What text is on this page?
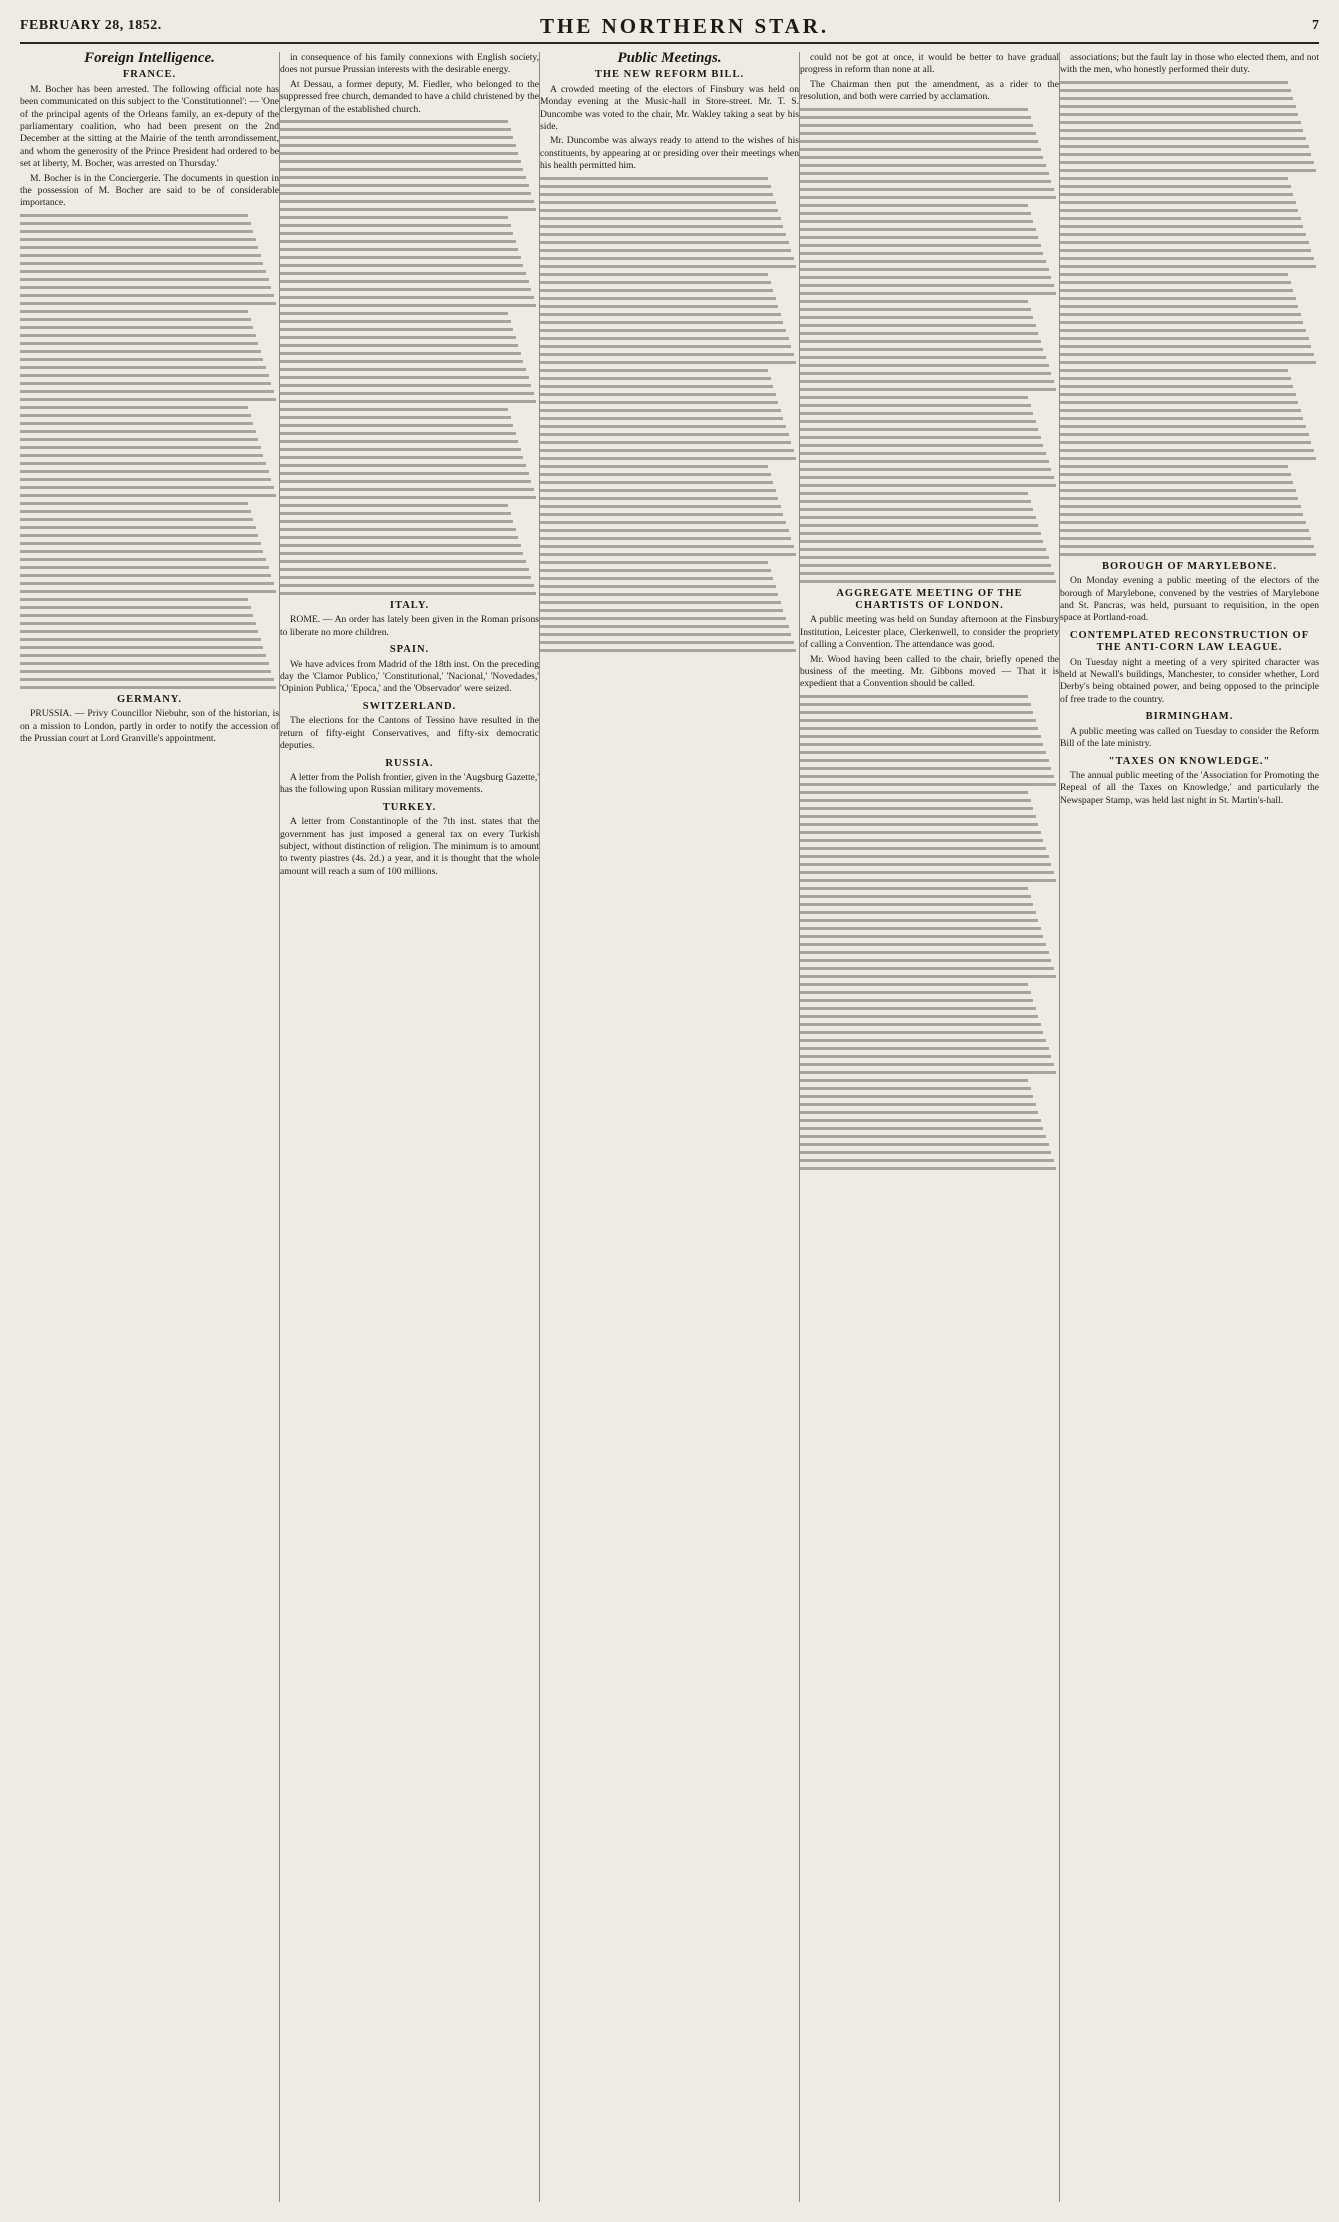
FEBRUARY 28, 1852.	THE NORTHERN STAR.	7
Foreign Intelligence.
FRANCE.

M. Bocher has been arrested. The following official note has been communicated on this subject to the 'Constitutionnel': — 'One of the principal agents of the Orleans family, an ex-deputy of the parliamentary coalition, who had been present on the 2nd December at the sitting at the Mairie of the tenth arrondissement, and whom the generosity of the Prince President had ordered to be set at liberty, M. Bocher, was arrested on Thursday.'

M. Bocher is in the Conciergerie. The documents in question in the possession of M. Bocher are said to be of considerable importance.

GERMANY.

PRUSSIA. — Privy Councillor Niebuhr, son of the historian, is on a mission to London, partly in order to notify the accession of the Prussian court at Lord Granville's appointment.

in consequence of his family connexions with English society, does not pursue Prussian interests with the desirable energy.

At Dessau, a former deputy, M. Fiedler, who belonged to the suppressed free church, demanded to have a child christened by the clergyman of the established church.

ITALY.

ROME. — An order has lately been given in the Roman prisons to liberate no more children.

SPAIN.

We have advices from Madrid of the 18th inst. On the preceding day the 'Clamor Publico,' 'Constitutional,' 'Nacional,' 'Novedades,' 'Opinion Publica,' 'Epoca,' and the 'Observador' were seized.

SWITZERLAND.

The elections for the Cantons of Tessino have resulted in the return of fifty-eight Conservatives, and fifty-six democratic deputies.

RUSSIA.

A letter from the Polish frontier, given in the 'Augsburg Gazette,' has the following upon Russian military movements.

TURKEY.

A letter from Constantinople of the 7th inst. states that the government has just imposed a general tax on every Turkish subject, without distinction of religion. The minimum is to amount to twenty piastres (4s. 2d.) a year, and it is thought that the whole amount will reach a sum of 100 millions.

Public Meetings.
THE NEW REFORM BILL.

A crowded meeting of the electors of Finsbury was held on Monday evening at the Music-hall in Store-street. Mr. T. S. Duncombe was voted to the chair, Mr. Wakley taking a seat by his side.

Mr. Duncombe was always ready to attend to the wishes of his constituents, by appearing at or presiding over their meetings when his health permitted him.

could not be got at once, it would be better to have gradual progress in reform than none at all.

The Chairman then put the amendment, as a rider to the resolution, and both were carried by acclamation.

AGGREGATE MEETING OF THE CHARTISTS OF LONDON.

A public meeting was held on Sunday afternoon at the Finsbury Institution, Leicester place, Clerkenwell, to consider the propriety of calling a Convention. The attendance was good.

Mr. Wood having been called to the chair, briefly opened the business of the meeting. Mr. Gibbons moved — That it is expedient that a Convention should be called.

associations; but the fault lay in those who elected them, and not with the men, who honestly performed their duty.

BOROUGH OF MARYLEBONE.

On Monday evening a public meeting of the electors of the borough of Marylebone, convened by the vestries of Marylebone and St. Pancras, was held, pursuant to requisition, in the open space at Portland-road.

CONTEMPLATED RECONSTRUCTION OF THE ANTI-CORN LAW LEAGUE.

On Tuesday night a meeting of a very spirited character was held at Newall's buildings, Manchester, to consider whether, Lord Derby's being obtained power, and being opposed to the principle of free trade to the country.

BIRMINGHAM.

A public meeting was called on Tuesday to consider the Reform Bill of the late ministry.

"TAXES ON KNOWLEDGE."

The annual public meeting of the 'Association for Promoting the Repeal of all the Taxes on Knowledge,' and particularly the Newspaper Stamp, was held last night in St. Martin's-hall.
